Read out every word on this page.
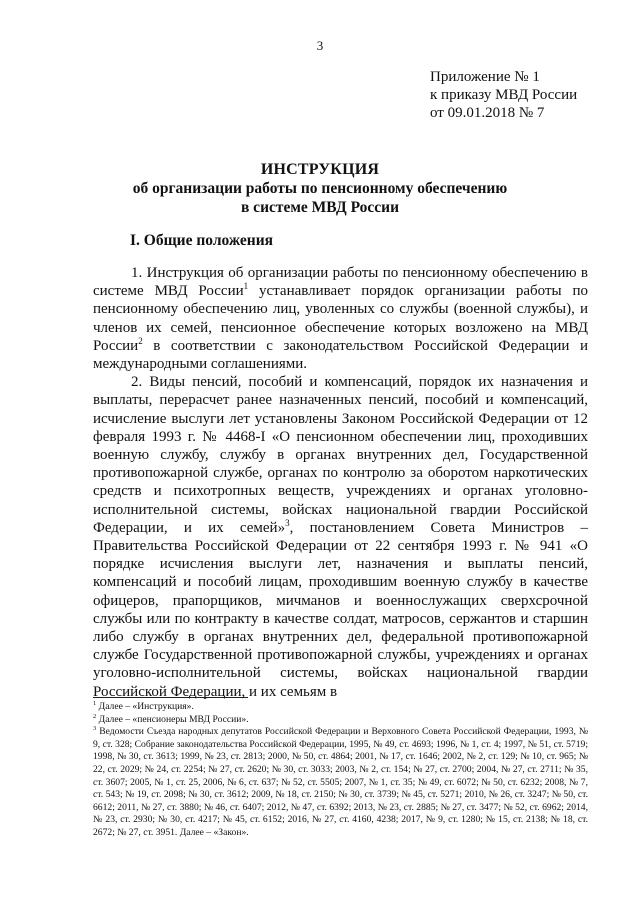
3
Приложение № 1
к приказу МВД России
от 09.01.2018 № 7
ИНСТРУКЦИЯ
об организации работы по пенсионному обеспечению
в системе МВД России
I. Общие положения

1. Инструкция об организации работы по пенсионному обеспечению в системе МВД России$^1$ устанавливает порядок организации работы по пенсионному обеспечению лиц, уволенных со службы (военной службы), и членов их семей, пенсионное обеспечение которых возложено на МВД России$^2$ в соответствии с законодательством Российской Федерации и международными соглашениями.

2. Виды пенсий, пособий и компенсаций, порядок их назначения и выплаты, перерасчет ранее назначенных пенсий, пособий и компенсаций, исчисление выслуги лет установлены Законом Российской Федерации от 12 февраля 1993 г. № 4468-I «О пенсионном обеспечении лиц, проходивших военную службу, службу в органах внутренних дел, Государственной противопожарной службе, органах по контролю за оборотом наркотических средств и психотропных веществ, учреждениях и органах уголовно-исполнительной системы, войсках национальной гвардии Российской Федерации, и их семей»$^3$, постановлением Совета Министров – Правительства Российской Федерации от 22 сентября 1993 г. № 941 «О порядке исчисления выслуги лет, назначения и выплаты пенсий, компенсаций и пособий лицам, проходившим военную службу в качестве офицеров, прапорщиков, мичманов и военнослужащих сверхсрочной службы или по контракту в качестве солдат, матросов, сержантов и старшин либо службу в органах внутренних дел, федеральной противопожарной службе Государственной противопожарной службы, учреждениях и органах уголовно-исполнительной системы, войсках национальной гвардии Российской Федерации, и их семьям в

$^1$ Далее – «Инструкция».

$^2$ Далее – «пенсионеры МВД России».

$^3$ Ведомости Съезда народных депутатов Российской Федерации и Верховного Совета Российской Федерации, 1993, № 9, ст. 328; Собрание законодательства Российской Федерации, 1995, № 49, ст. 4693; 1996, № 1, ст. 4; 1997, № 51, ст. 5719; 1998, № 30, ст. 3613; 1999, № 23, ст. 2813; 2000, № 50, ст. 4864; 2001, № 17, ст. 1646; 2002, № 2, ст. 129; № 10, ст. 965; № 22, ст. 2029; № 24, ст. 2254; № 27, ст. 2620; № 30, ст. 3033; 2003, № 2, ст. 154; № 27, ст. 2700; 2004, № 27, ст. 2711; № 35, ст. 3607; 2005, № 1, ст. 25, 2006, № 6, ст. 637; № 52, ст. 5505; 2007, № 1, ст. 35; № 49, ст. 6072; № 50, ст. 6232; 2008, № 7, ст. 543; № 19, ст. 2098; № 30, ст. 3612; 2009, № 18, ст. 2150; № 30, ст. 3739; № 45, ст. 5271; 2010, № 26, ст. 3247; № 50, ст. 6612; 2011, № 27, ст. 3880; № 46, ст. 6407; 2012, № 47, ст. 6392; 2013, № 23, ст. 2885; № 27, ст. 3477; № 52, ст. 6962; 2014, № 23, ст. 2930; № 30, ст. 4217; № 45, ст. 6152; 2016, № 27, ст. 4160, 4238; 2017, № 9, ст. 1280; № 15, ст. 2138; № 18, ст. 2672; № 27, ст. 3951. Далее – «Закон».
